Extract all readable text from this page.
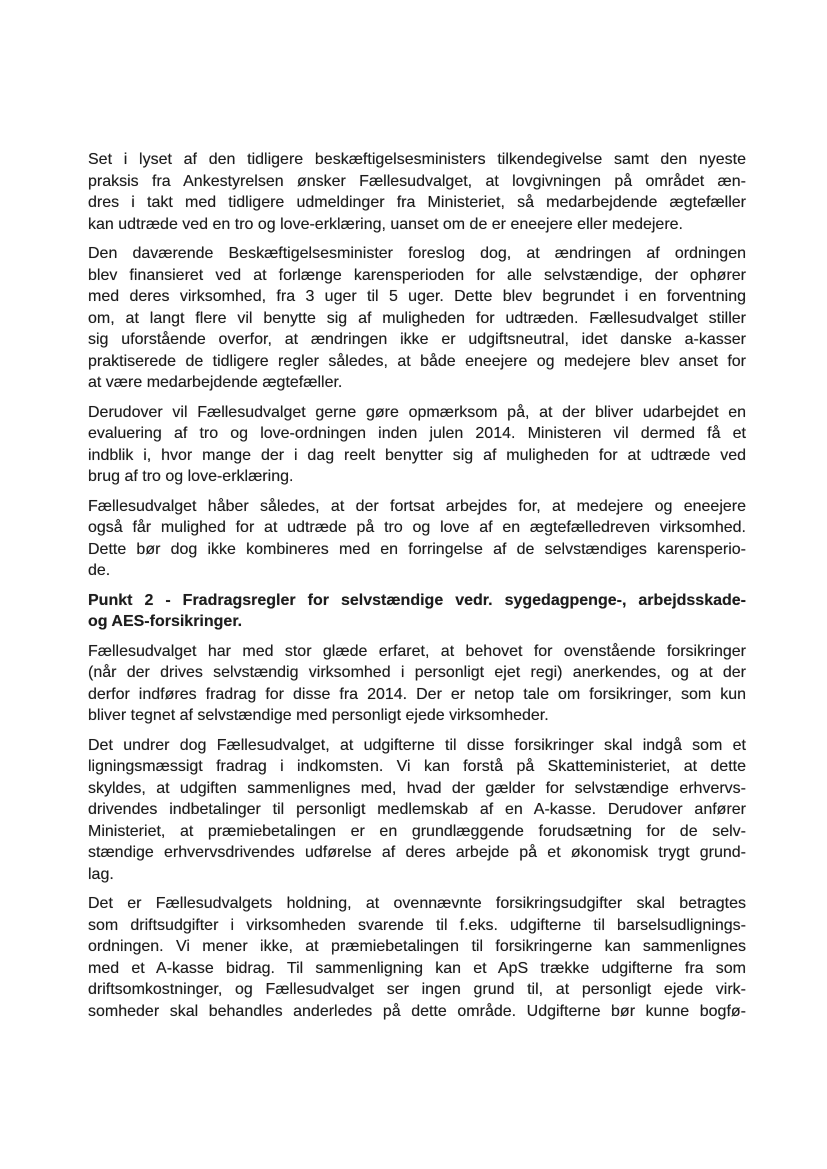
Set i lyset af den tidligere beskæftigelsesministers tilkendegivelse samt den nyeste
praksis fra Ankestyrelsen ønsker Fællesudvalget, at lovgivningen på området æn-
dres i takt med tidligere udmeldinger fra Ministeriet, så medarbejdende ægtefæller
kan udtræde ved en tro og love-erklæring, uanset om de er eneejere eller medejere.
Den daværende Beskæftigelsesminister foreslog dog, at ændringen af ordningen
blev finansieret ved at forlænge karensperioden for alle selvstændige, der ophører
med deres virksomhed, fra 3 uger til 5 uger. Dette blev begrundet i en forventning
om, at langt flere vil benytte sig af muligheden for udtræden. Fællesudvalget stiller
sig uforstående overfor, at ændringen ikke er udgiftsneutral, idet danske a-kasser
praktiserede de tidligere regler således, at både eneejere og medejere blev anset for
at være medarbejdende ægtefæller.
Derudover vil Fællesudvalget gerne gøre opmærksom på, at der bliver udarbejdet en
evaluering af tro og love-ordningen inden julen 2014. Ministeren vil dermed få et
indblik i, hvor mange der i dag reelt benytter sig af muligheden for at udtræde ved
brug af tro og love-erklæring.
Fællesudvalget håber således, at der fortsat arbejdes for, at medejere og eneejere
også får mulighed for at udtræde på tro og love af en ægtefælledreven virksomhed.
Dette bør dog ikke kombineres med en forringelse af de selvstændiges karensperio-
de.
Punkt 2 - Fradragsregler for selvstændige vedr. sygedagpenge-, arbejdsskade-
og AES-forsikringer.
Fællesudvalget har med stor glæde erfaret, at behovet for ovenstående forsikringer
(når der drives selvstændig virksomhed i personligt ejet regi) anerkendes, og at der
derfor indføres fradrag for disse fra 2014. Der er netop tale om forsikringer, som kun
bliver tegnet af selvstændige med personligt ejede virksomheder.
Det undrer dog Fællesudvalget, at udgifterne til disse forsikringer skal indgå som et
ligningsmæssigt fradrag i indkomsten. Vi kan forstå på Skatteministeriet, at dette
skyldes, at udgiften sammenlignes med, hvad der gælder for selvstændige erhvervs-
drivendes indbetalinger til personligt medlemskab af en A-kasse. Derudover anfører
Ministeriet, at præmiebetalingen er en grundlæggende forudsætning for de selv-
stændige erhvervsdrivendes udførelse af deres arbejde på et økonomisk trygt grund-
lag.
Det er Fællesudvalgets holdning, at ovennævnte forsikringsudgifter skal betragtes
som driftsudgifter i virksomheden svarende til f.eks. udgifterne til barselsudlignings-
ordningen. Vi mener ikke, at præmiebetalingen til forsikringerne kan sammenlignes
med et A-kasse bidrag. Til sammenligning kan et ApS trække udgifterne fra som
driftsomkostninger, og Fællesudvalget ser ingen grund til, at personligt ejede virk-
somheder skal behandles anderledes på dette område. Udgifterne bør kunne bogfø-
